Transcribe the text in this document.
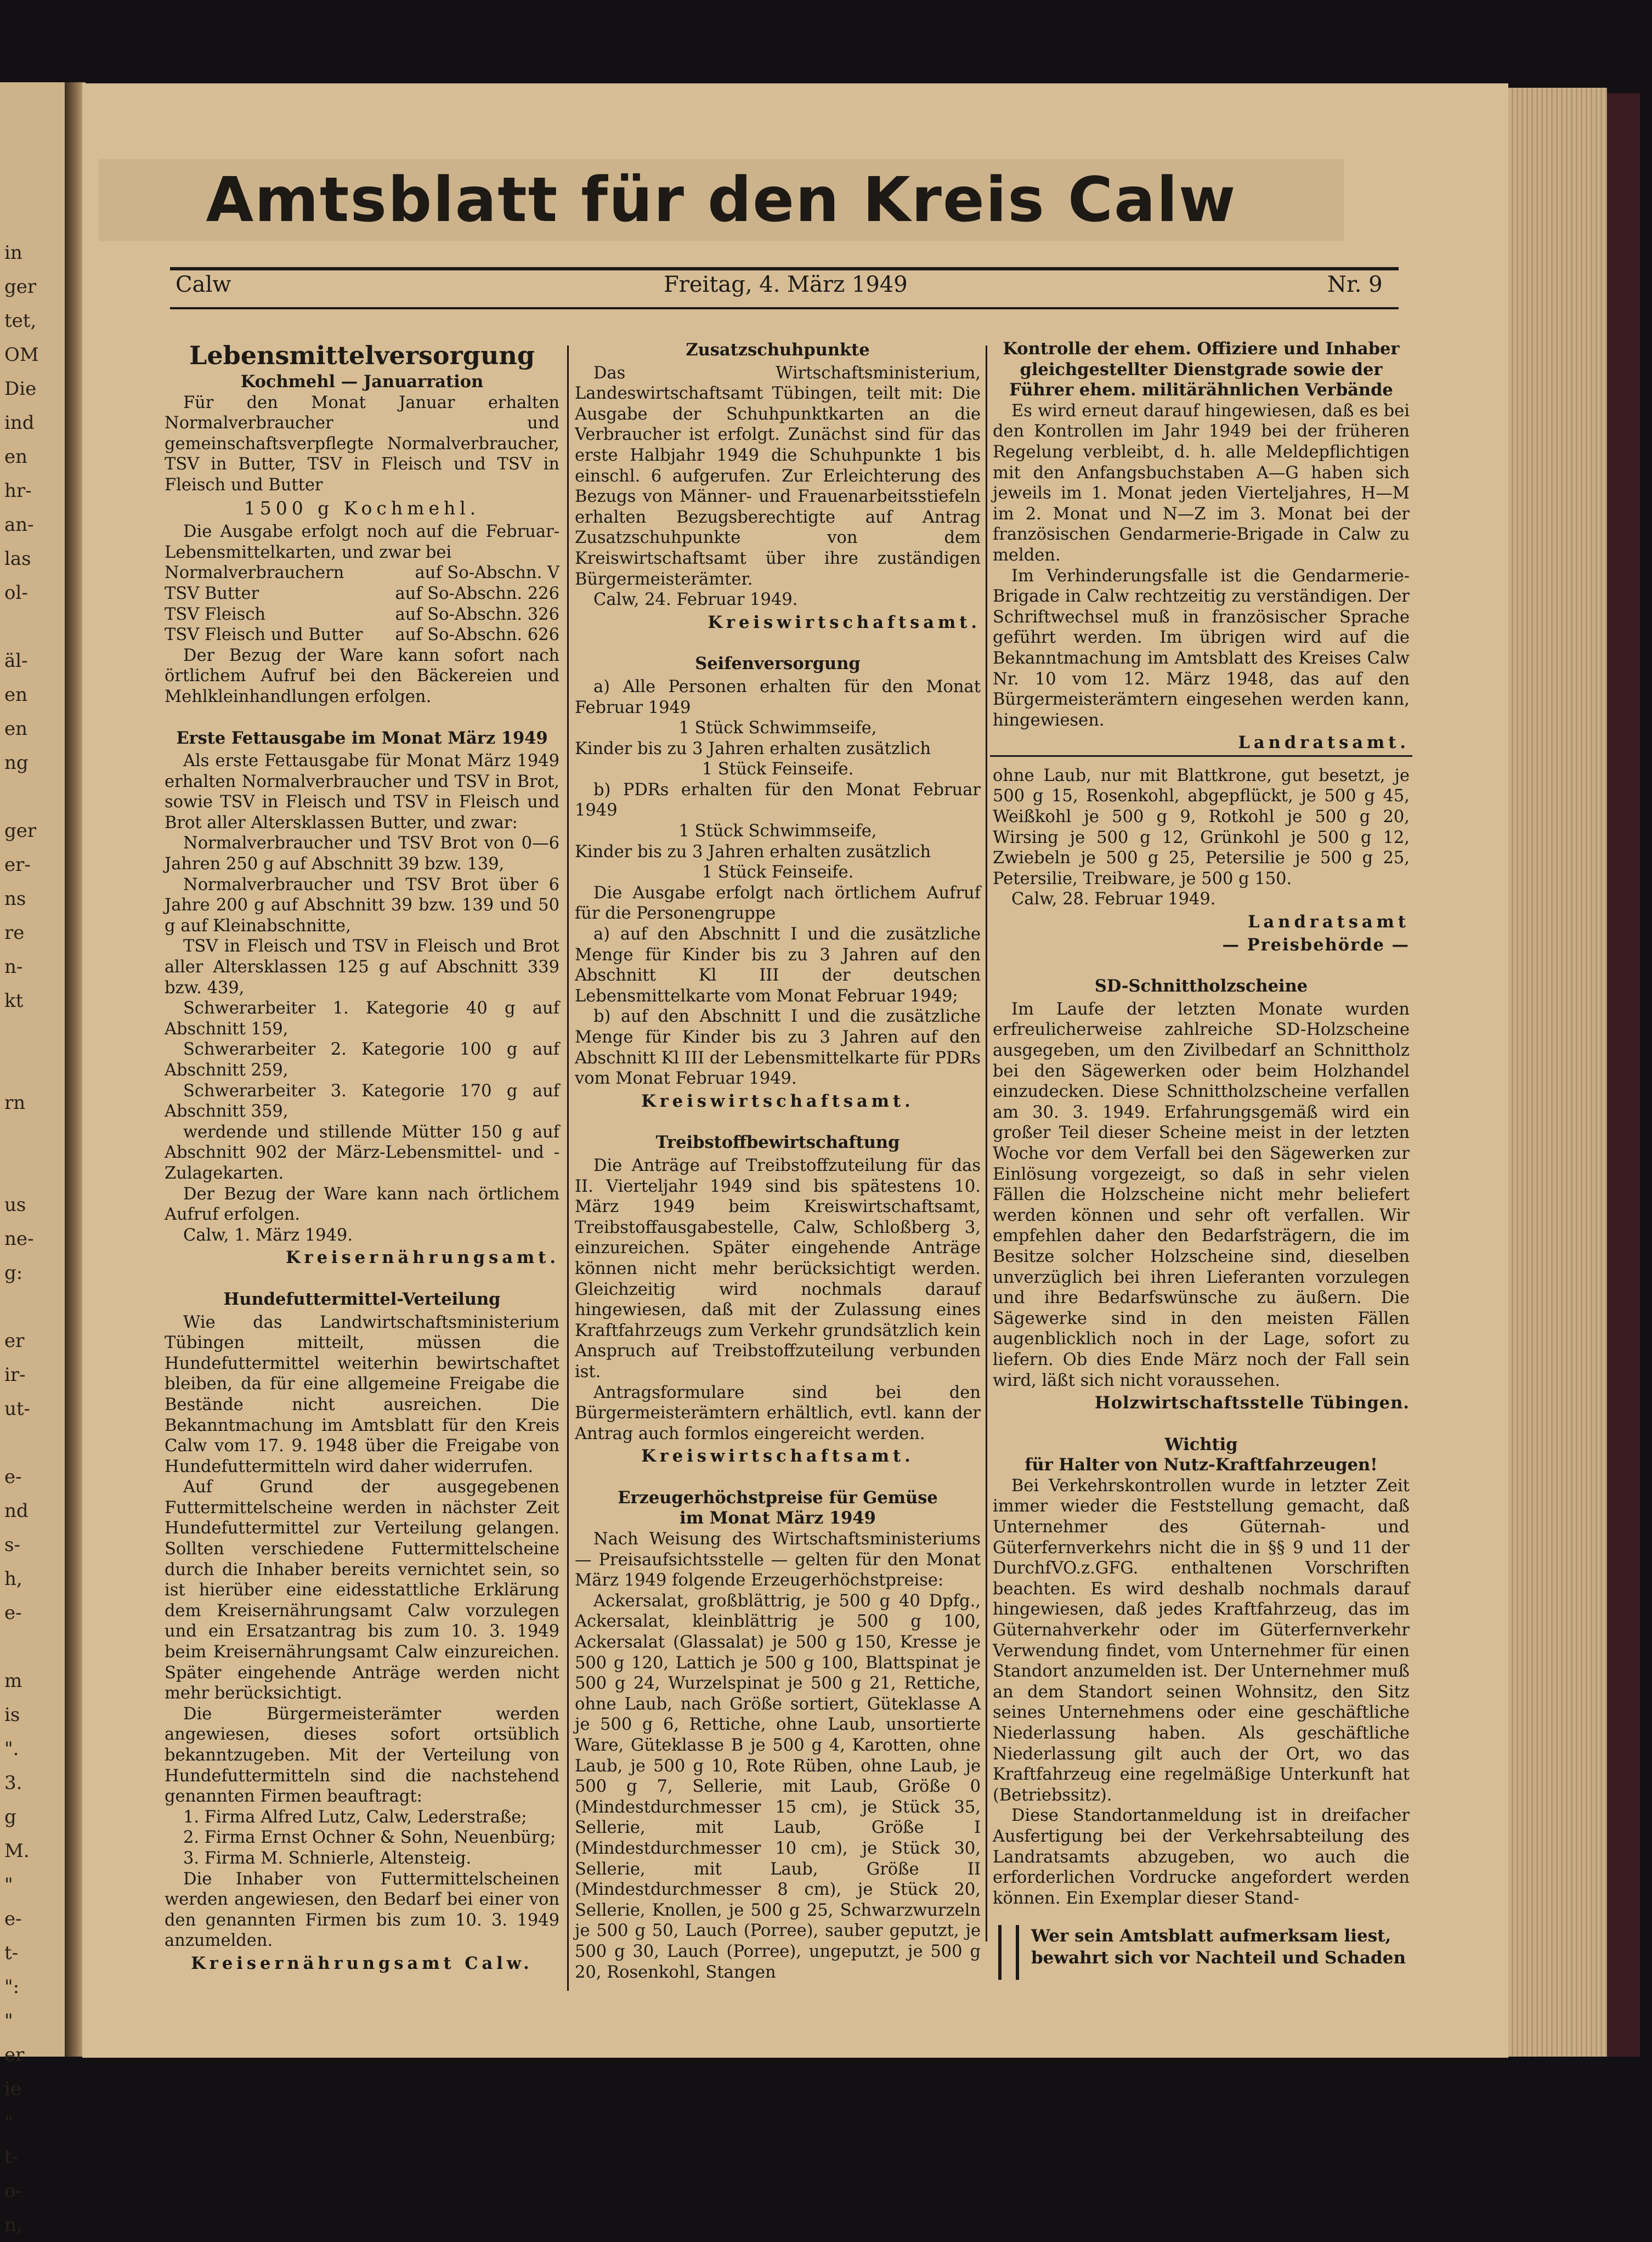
in
ger
tet,
OM
Die
ind
en
hr-
an-
las
ol-

äl-
en
en
ng

ger
er-
ns
re
n-
kt

rn

us
ne-
g:

er
ir-
ut-

e-
nd
s-
h,
e-

m
is
".
3.
g
M.
"
e-
t-
":
"
er
ie
"
t-
o-
n,
Amtsblatt für den Kreis Calw
Calw	Freitag, 4. März 1949	Nr. 9
Lebensmittelversorgung
Kochmehl — Januarration

Für den Monat Januar erhalten Normalverbraucher und gemeinschaftsverpflegte Normalverbraucher, TSV in Butter, TSV in Fleisch und TSV in Fleisch und Butter

1500 g Kochmehl.

Die Ausgabe erfolgt noch auf die Februar-Lebensmittelkarten, und zwar bei

Normalverbrauchern	auf So-Abschn. V
TSV Butter	auf So-Abschn. 226
TSV Fleisch	auf So-Abschn. 326
TSV Fleisch und Butter auf So-Abschn. 626

Der Bezug der Ware kann sofort nach örtlichem Aufruf bei den Bäckereien und Mehlkleinhandlungen erfolgen.

Erste Fettausgabe im Monat März 1949

Als erste Fettausgabe für Monat März 1949 erhalten Normalverbraucher und TSV in Brot, sowie TSV in Fleisch und TSV in Fleisch und Brot aller Altersklassen Butter, und zwar:

Normalverbraucher und TSV Brot von 0—6 Jahren 250 g auf Abschnitt 39 bzw. 139,

Normalverbraucher und TSV Brot über 6 Jahre 200 g auf Abschnitt 39 bzw. 139 und 50 g auf Kleinabschnitte,

TSV in Fleisch und TSV in Fleisch und Brot aller Altersklassen 125 g auf Abschnitt 339 bzw. 439,

Schwerarbeiter 1. Kategorie 40 g auf Abschnitt 159,

Schwerarbeiter 2. Kategorie 100 g auf Abschnitt 259,

Schwerarbeiter 3. Kategorie 170 g auf Abschnitt 359,

werdende und stillende Mütter 150 g auf Abschnitt 902 der März-Lebensmittel- und -Zulagekarten.

Der Bezug der Ware kann nach örtlichem Aufruf erfolgen.

Calw, 1. März 1949.

Kreisernährungsamt.
Hundefuttermittel-Verteilung

Wie das Landwirtschaftsministerium Tübingen mitteilt, müssen die Hundefuttermittel weiterhin bewirtschaftet bleiben, da für eine allgemeine Freigabe die Bestände nicht ausreichen. Die Bekanntmachung im Amtsblatt für den Kreis Calw vom 17. 9. 1948 über die Freigabe von Hundefuttermitteln wird daher widerrufen.

Auf Grund der ausgegebenen Futtermittelscheine werden in nächster Zeit Hundefuttermittel zur Verteilung gelangen. Sollten verschiedene Futtermittelscheine durch die Inhaber bereits vernichtet sein, so ist hierüber eine eidesstattliche Erklärung dem Kreisernährungsamt Calw vorzulegen und ein Ersatzantrag bis zum 10. 3. 1949 beim Kreisernährungsamt Calw einzureichen. Später eingehende Anträge werden nicht mehr berücksichtigt.

Die Bürgermeisterämter werden angewiesen, dieses sofort ortsüblich bekanntzugeben. Mit der Verteilung von Hundefuttermitteln sind die nachstehend genannten Firmen beauftragt:

1. Firma Alfred Lutz, Calw, Lederstraße;

2. Firma Ernst Ochner & Sohn, Neuenbürg;

3. Firma M. Schnierle, Altensteig.

Die Inhaber von Futtermittelscheinen werden angewiesen, den Bedarf bei einer von den genannten Firmen bis zum 10. 3. 1949 anzumelden.

Kreisernährungsamt Calw.
Zusatzschuhpunkte

Das Wirtschaftsministerium, Landeswirtschaftsamt Tübingen, teilt mit: Die Ausgabe der Schuhpunktkarten an die Verbraucher ist erfolgt. Zunächst sind für das erste Halbjahr 1949 die Schuhpunkte 1 bis einschl. 6 aufgerufen. Zur Erleichterung des Bezugs von Männer- und Frauenarbeitsstiefeln erhalten Bezugsberechtigte auf Antrag Zusatzschuhpunkte von dem Kreiswirtschaftsamt über ihre zuständigen Bürgermeisterämter.

Calw, 24. Februar 1949.

Kreiswirtschaftsamt.
Seifenversorgung

a) Alle Personen erhalten für den Monat Februar 1949

1 Stück Schwimmseife,

Kinder bis zu 3 Jahren erhalten zusätzlich

1 Stück Feinseife.

b) PDRs erhalten für den Monat Februar 1949

1 Stück Schwimmseife,

Kinder bis zu 3 Jahren erhalten zusätzlich

1 Stück Feinseife.

Die Ausgabe erfolgt nach örtlichem Aufruf für die Personengruppe

a) auf den Abschnitt I und die zusätzliche Menge für Kinder bis zu 3 Jahren auf den Abschnitt Kl III der deutschen Lebensmittelkarte vom Monat Februar 1949;

b) auf den Abschnitt I und die zusätzliche Menge für Kinder bis zu 3 Jahren auf den Abschnitt Kl III der Lebensmittelkarte für PDRs vom Monat Februar 1949.

Kreiswirtschaftsamt.
Treibstoffbewirtschaftung

Die Anträge auf Treibstoffzuteilung für das II. Vierteljahr 1949 sind bis spätestens 10. März 1949 beim Kreiswirtschaftsamt, Treibstoffausgabestelle, Calw, Schloßberg 3, einzureichen. Später eingehende Anträge können nicht mehr berücksichtigt werden. Gleichzeitig wird nochmals darauf hingewiesen, daß mit der Zulassung eines Kraftfahrzeugs zum Verkehr grundsätzlich kein Anspruch auf Treibstoffzuteilung verbunden ist.

Antragsformulare sind bei den Bürgermeisterämtern erhältlich, evtl. kann der Antrag auch formlos eingereicht werden.

Kreiswirtschaftsamt.
Erzeugerhöchstpreise für Gemüse
im Monat März 1949

Nach Weisung des Wirtschaftsministeriums — Preisaufsichtsstelle — gelten für den Monat März 1949 folgende Erzeugerhöchstpreise:

Ackersalat, großblättrig, je 500 g 40 Dpfg., Ackersalat, kleinblättrig je 500 g 100, Ackersalat (Glassalat) je 500 g 150, Kresse je 500 g 120, Lattich je 500 g 100, Blattspinat je 500 g 24, Wurzelspinat je 500 g 21, Rettiche, ohne Laub, nach Größe sortiert, Güteklasse A je 500 g 6, Rettiche, ohne Laub, unsortierte Ware, Güteklasse B je 500 g 4, Karotten, ohne Laub, je 500 g 10, Rote Rüben, ohne Laub, je 500 g 7, Sellerie, mit Laub, Größe 0 (Mindestdurchmesser 15 cm), je Stück 35, Sellerie, mit Laub, Größe I (Mindestdurchmesser 10 cm), je Stück 30, Sellerie, mit Laub, Größe II (Mindestdurchmesser 8 cm), je Stück 20, Sellerie, Knollen, je 500 g 25, Schwarzwurzeln je 500 g 50, Lauch (Porree), sauber geputzt, je 500 g 30, Lauch (Porree), ungeputzt, je 500 g 20, Rosenkohl, Stangen

Kontrolle der ehem. Offiziere und Inhaber
gleichgestellter Dienstgrade sowie der Führer ehem. militärähnlichen Verbände

Es wird erneut darauf hingewiesen, daß es bei den Kontrollen im Jahr 1949 bei der früheren Regelung verbleibt, d. h. alle Meldepflichtigen mit den Anfangsbuchstaben A—G haben sich jeweils im 1. Monat jeden Vierteljahres, H—M im 2. Monat und N—Z im 3. Monat bei der französischen Gendarmerie-Brigade in Calw zu melden.

Im Verhinderungsfalle ist die Gendarmerie-Brigade in Calw rechtzeitig zu verständigen. Der Schriftwechsel muß in französischer Sprache geführt werden. Im übrigen wird auf die Bekanntmachung im Amtsblatt des Kreises Calw Nr. 10 vom 12. März 1948, das auf den Bürgermeisterämtern eingesehen werden kann, hingewiesen.

Landratsamt.

ohne Laub, nur mit Blattkrone, gut besetzt, je 500 g 15, Rosenkohl, abgepflückt, je 500 g 45, Weißkohl je 500 g 9, Rotkohl je 500 g 20, Wirsing je 500 g 12, Grünkohl je 500 g 12, Zwiebeln je 500 g 25, Petersilie je 500 g 25, Petersilie, Treibware, je 500 g 150.

Calw, 28. Februar 1949.

Landratsamt
— Preisbehörde —
SD-Schnittholzscheine

Im Laufe der letzten Monate wurden erfreulicherweise zahlreiche SD-Holzscheine ausgegeben, um den Zivilbedarf an Schnittholz bei den Sägewerken oder beim Holzhandel einzudecken. Diese Schnittholzscheine verfallen am 30. 3. 1949. Erfahrungsgemäß wird ein großer Teil dieser Scheine meist in der letzten Woche vor dem Verfall bei den Sägewerken zur Einlösung vorgezeigt, so daß in sehr vielen Fällen die Holzscheine nicht mehr beliefert werden können und sehr oft verfallen. Wir empfehlen daher den Bedarfsträgern, die im Besitze solcher Holzscheine sind, dieselben unverzüglich bei ihren Lieferanten vorzulegen und ihre Bedarfswünsche zu äußern. Die Sägewerke sind in den meisten Fällen augenblicklich noch in der Lage, sofort zu liefern. Ob dies Ende März noch der Fall sein wird, läßt sich nicht voraussehen.

Holzwirtschaftsstelle Tübingen.
Wichtig
für Halter von Nutz-Kraftfahrzeugen!

Bei Verkehrskontrollen wurde in letzter Zeit immer wieder die Feststellung gemacht, daß Unternehmer des Güternah- und Güterfernverkehrs nicht die in §§ 9 und 11 der DurchfVO.z.GFG. enthaltenen Vorschriften beachten. Es wird deshalb nochmals darauf hingewiesen, daß jedes Kraftfahrzeug, das im Güternahverkehr oder im Güterfernverkehr Verwendung findet, vom Unternehmer für einen Standort anzumelden ist. Der Unternehmer muß an dem Standort seinen Wohnsitz, den Sitz seines Unternehmens oder eine geschäftliche Niederlassung haben. Als geschäftliche Niederlassung gilt auch der Ort, wo das Kraftfahrzeug eine regelmäßige Unterkunft hat (Betriebssitz).

Diese Standortanmeldung ist in dreifacher Ausfertigung bei der Verkehrsabteilung des Landratsamts abzugeben, wo auch die erforderlichen Vordrucke angefordert werden können. Ein Exemplar dieser Stand-

Wer sein Amtsblatt aufmerksam liest,
bewahrt sich vor Nachteil und Schaden
